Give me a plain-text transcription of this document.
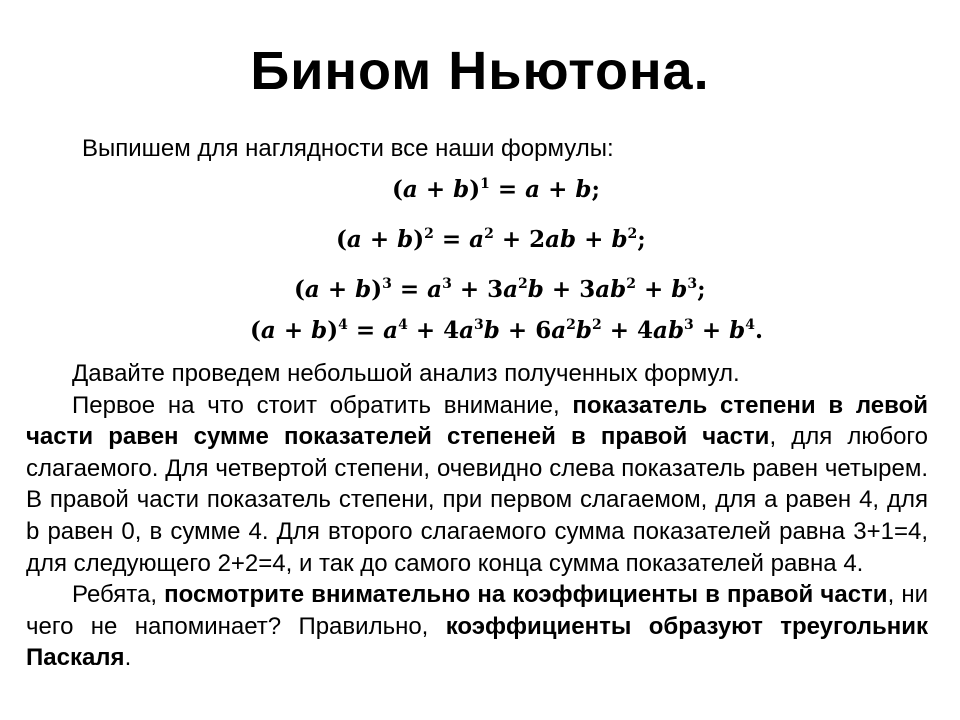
Бином Ньютона.
Выпишем для наглядности все наши формулы:
$(a + b)^1 = a + b$;
$(a + b)^2 = a^2 + 2ab + b^2$;
$(a + b)^3 = a^3 + 3a^2b + 3ab^2 + b^3$;
$(a + b)^4 = a^4 + 4a^3b + 6a^2b^2 + 4ab^3 + b^4$.

Давайте проведем небольшой анализ полученных формул.

Первое на что стоит обратить внимание, показатель степени в левой части равен сумме показателей степеней в правой части, для любого слагаемого. Для четвертой степени, очевидно слева показатель равен четырем. В правой части показатель степени, при первом слагаемом, для a равен 4, для b равен 0, в сумме 4. Для второго слагаемого сумма показателей равна 3+1=4, для следующего 2+2=4, и так до самого конца сумма показателей равна 4.

Ребята, посмотрите внимательно на коэффициенты в правой части, ни чего не напоминает? Правильно, коэффициенты образуют треугольник Паскаля.
